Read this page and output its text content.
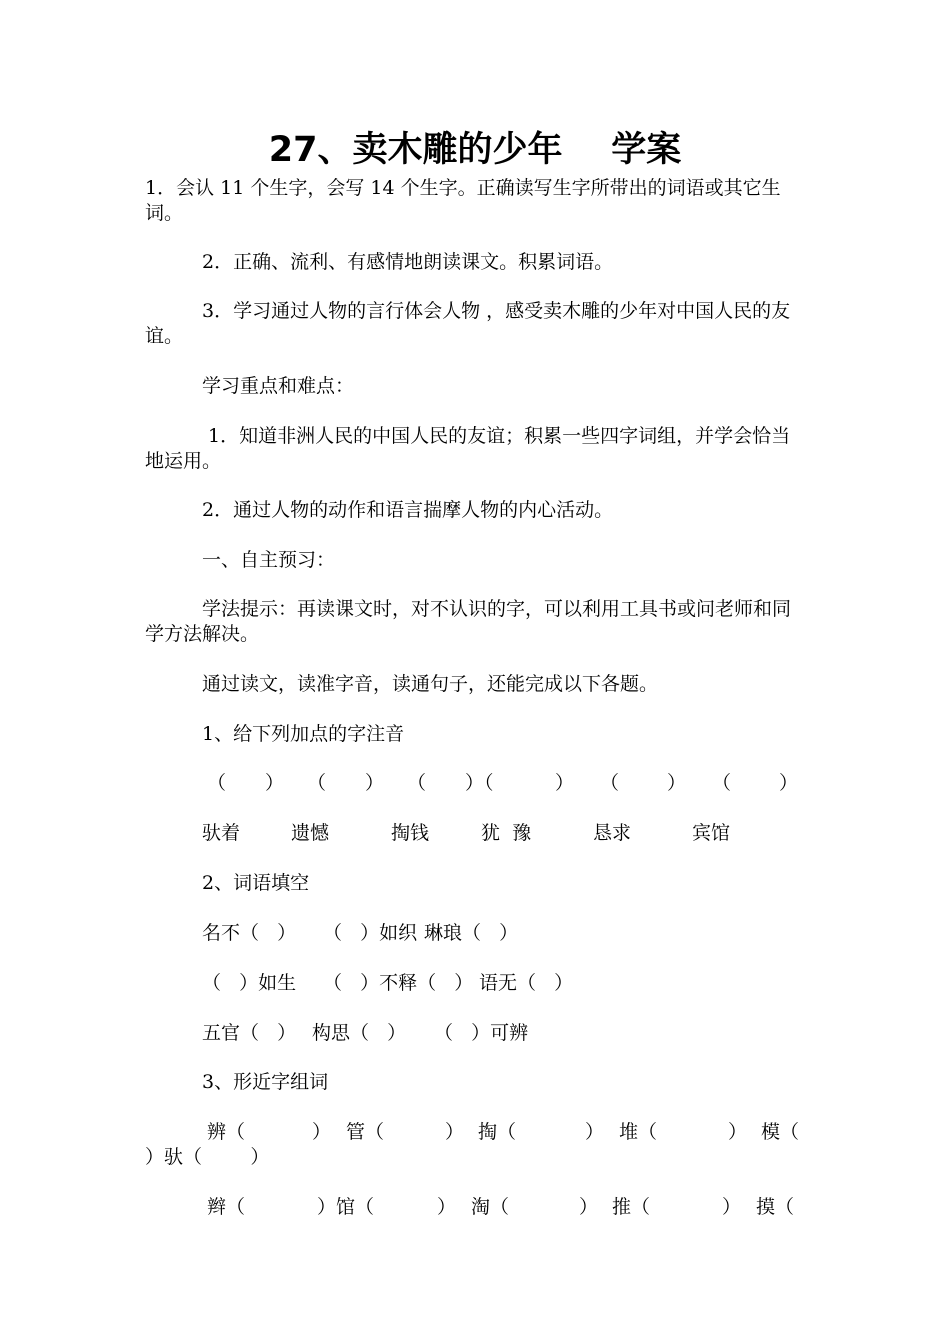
27、卖木雕的少年    学案

1．会认 11 个生字，会写 14 个生字。正确读写生字所带出的词语或其它生词。

2．正确、流利、有感情地朗读课文。积累词语。

3．学习通过人物的言行体会人物 ，感受卖木雕的少年对中国人民的友谊。

学习重点和难点：

1．知道非洲人民的中国人民的友谊；积累一些四字词组，并学会恰当地运用。

2．通过人物的动作和语言揣摩人物的内心活动。

一、自主预习：

学法提示：再读课文时，对不认识的字，可以利用工具书或问老师和同学方法解决。

通过读文，读准字音，读通句子，还能完成以下各题。

1、给下列加点的字注音

（ ） （ ） （ ）（	） （	） （	）
驮着	遗憾	掏钱	犹  豫	恳求	宾馆

2、词语填空

名不（   ） （   ）如织 琳琅（   ）
（   ）如生 （   ）不释（   ） 语无（   ）
五官（   ） 构思（   ） （   ）可辨

3、形近字组词

辨（	） 管（	） 掏（	） 堆（	） 模（
）驮（        ）
辫（	）馆（	） 淘（	） 推（	） 摸（
